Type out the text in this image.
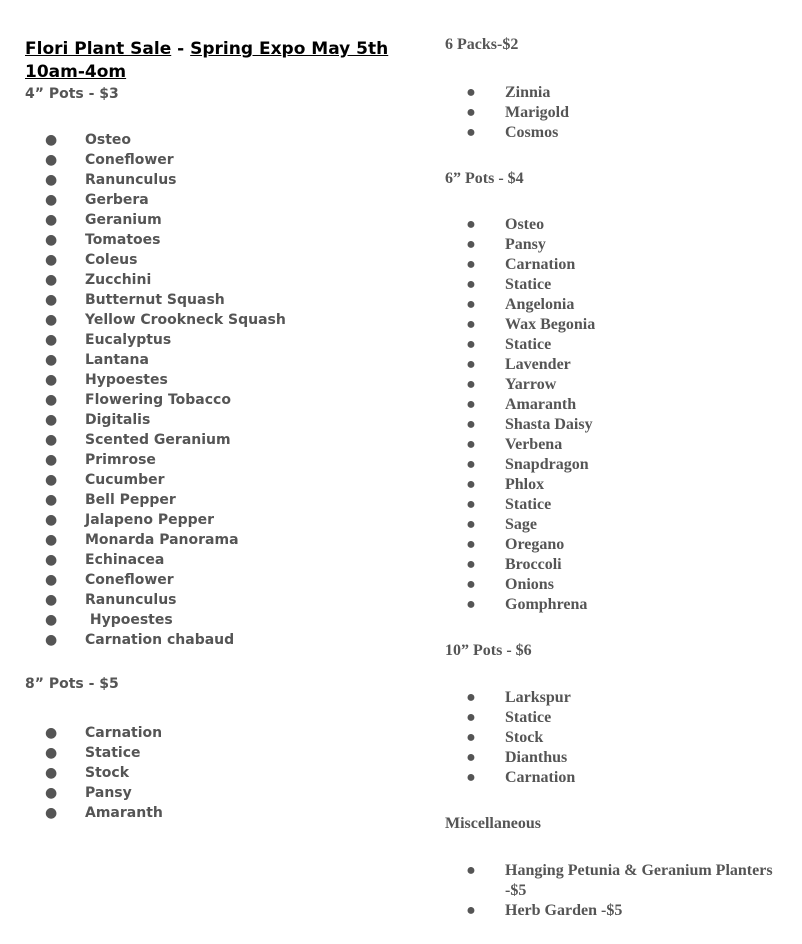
Flori Plant Sale - Spring Expo May 5th
10am-4om
4” Pots - $3
● Osteo
● Coneflower
● Ranunculus
● Gerbera
● Geranium
● Tomatoes
● Coleus
● Zucchini
● Butternut Squash
● Yellow Crookneck Squash
● Eucalyptus
● Lantana
● Hypoestes
● Flowering Tobacco
● Digitalis
● Scented Geranium
● Primrose
● Cucumber
● Bell Pepper
● Jalapeno Pepper
● Monarda Panorama
● Echinacea
● Coneflower
● Ranunculus
● Hypoestes
● Carnation chabaud
8” Pots - $5
● Carnation
● Statice
● Stock
● Pansy
● Amaranth
6 Packs-$2
● Zinnia
● Marigold
● Cosmos
6” Pots - $4
● Osteo
● Pansy
● Carnation
● Statice
● Angelonia
● Wax Begonia
● Statice
● Lavender
● Yarrow
● Amaranth
● Shasta Daisy
● Verbena
● Snapdragon
● Phlox
● Statice
● Sage
● Oregano
● Broccoli
● Onions
● Gomphrena
10” Pots - $6
● Larkspur
● Statice
● Stock
● Dianthus
● Carnation
Miscellaneous
● Hanging Petunia & Geranium Planters -$5
● Herb Garden -$5
